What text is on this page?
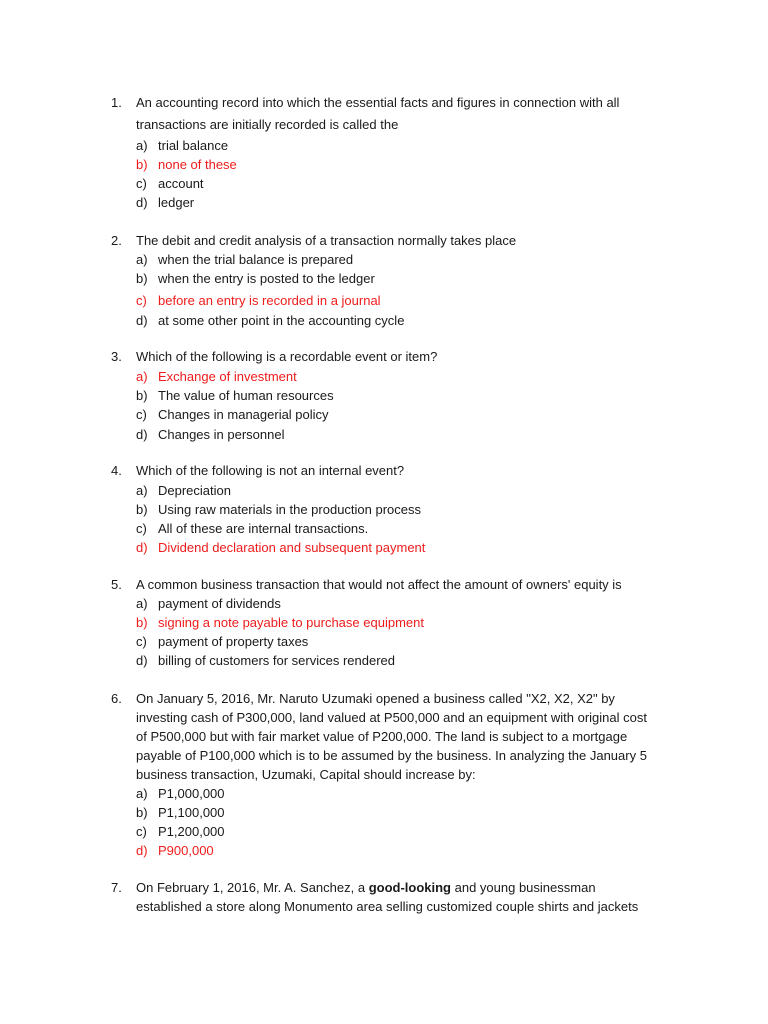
1. An accounting record into which the essential facts and figures in connection with all
transactions are initially recorded is called the
a) trial balance
b) none of these
c) account
d) ledger
2. The debit and credit analysis of a transaction normally takes place
a) when the trial balance is prepared
b) when the entry is posted to the ledger
c) before an entry is recorded in a journal
d) at some other point in the accounting cycle
3. Which of the following is a recordable event or item?
a) Exchange of investment
b) The value of human resources
c) Changes in managerial policy
d) Changes in personnel
4. Which of the following is not an internal event?
a) Depreciation
b) Using raw materials in the production process
c) All of these are internal transactions.
d) Dividend declaration and subsequent payment
5. A common business transaction that would not affect the amount of owners' equity is
a) payment of dividends
b) signing a note payable to purchase equipment
c) payment of property taxes
d) billing of customers for services rendered
6. On January 5, 2016, Mr. Naruto Uzumaki opened a business called "X2, X2, X2" by
investing cash of P300,000, land valued at P500,000 and an equipment with original cost
of P500,000 but with fair market value of P200,000. The land is subject to a mortgage
payable of P100,000 which is to be assumed by the business. In analyzing the January 5
business transaction, Uzumaki, Capital should increase by:
a) P1,000,000
b) P1,100,000
c) P1,200,000
d) P900,000
7. On February 1, 2016, Mr. A. Sanchez, a good-looking and young businessman
established a store along Monumento area selling customized couple shirts and jackets
